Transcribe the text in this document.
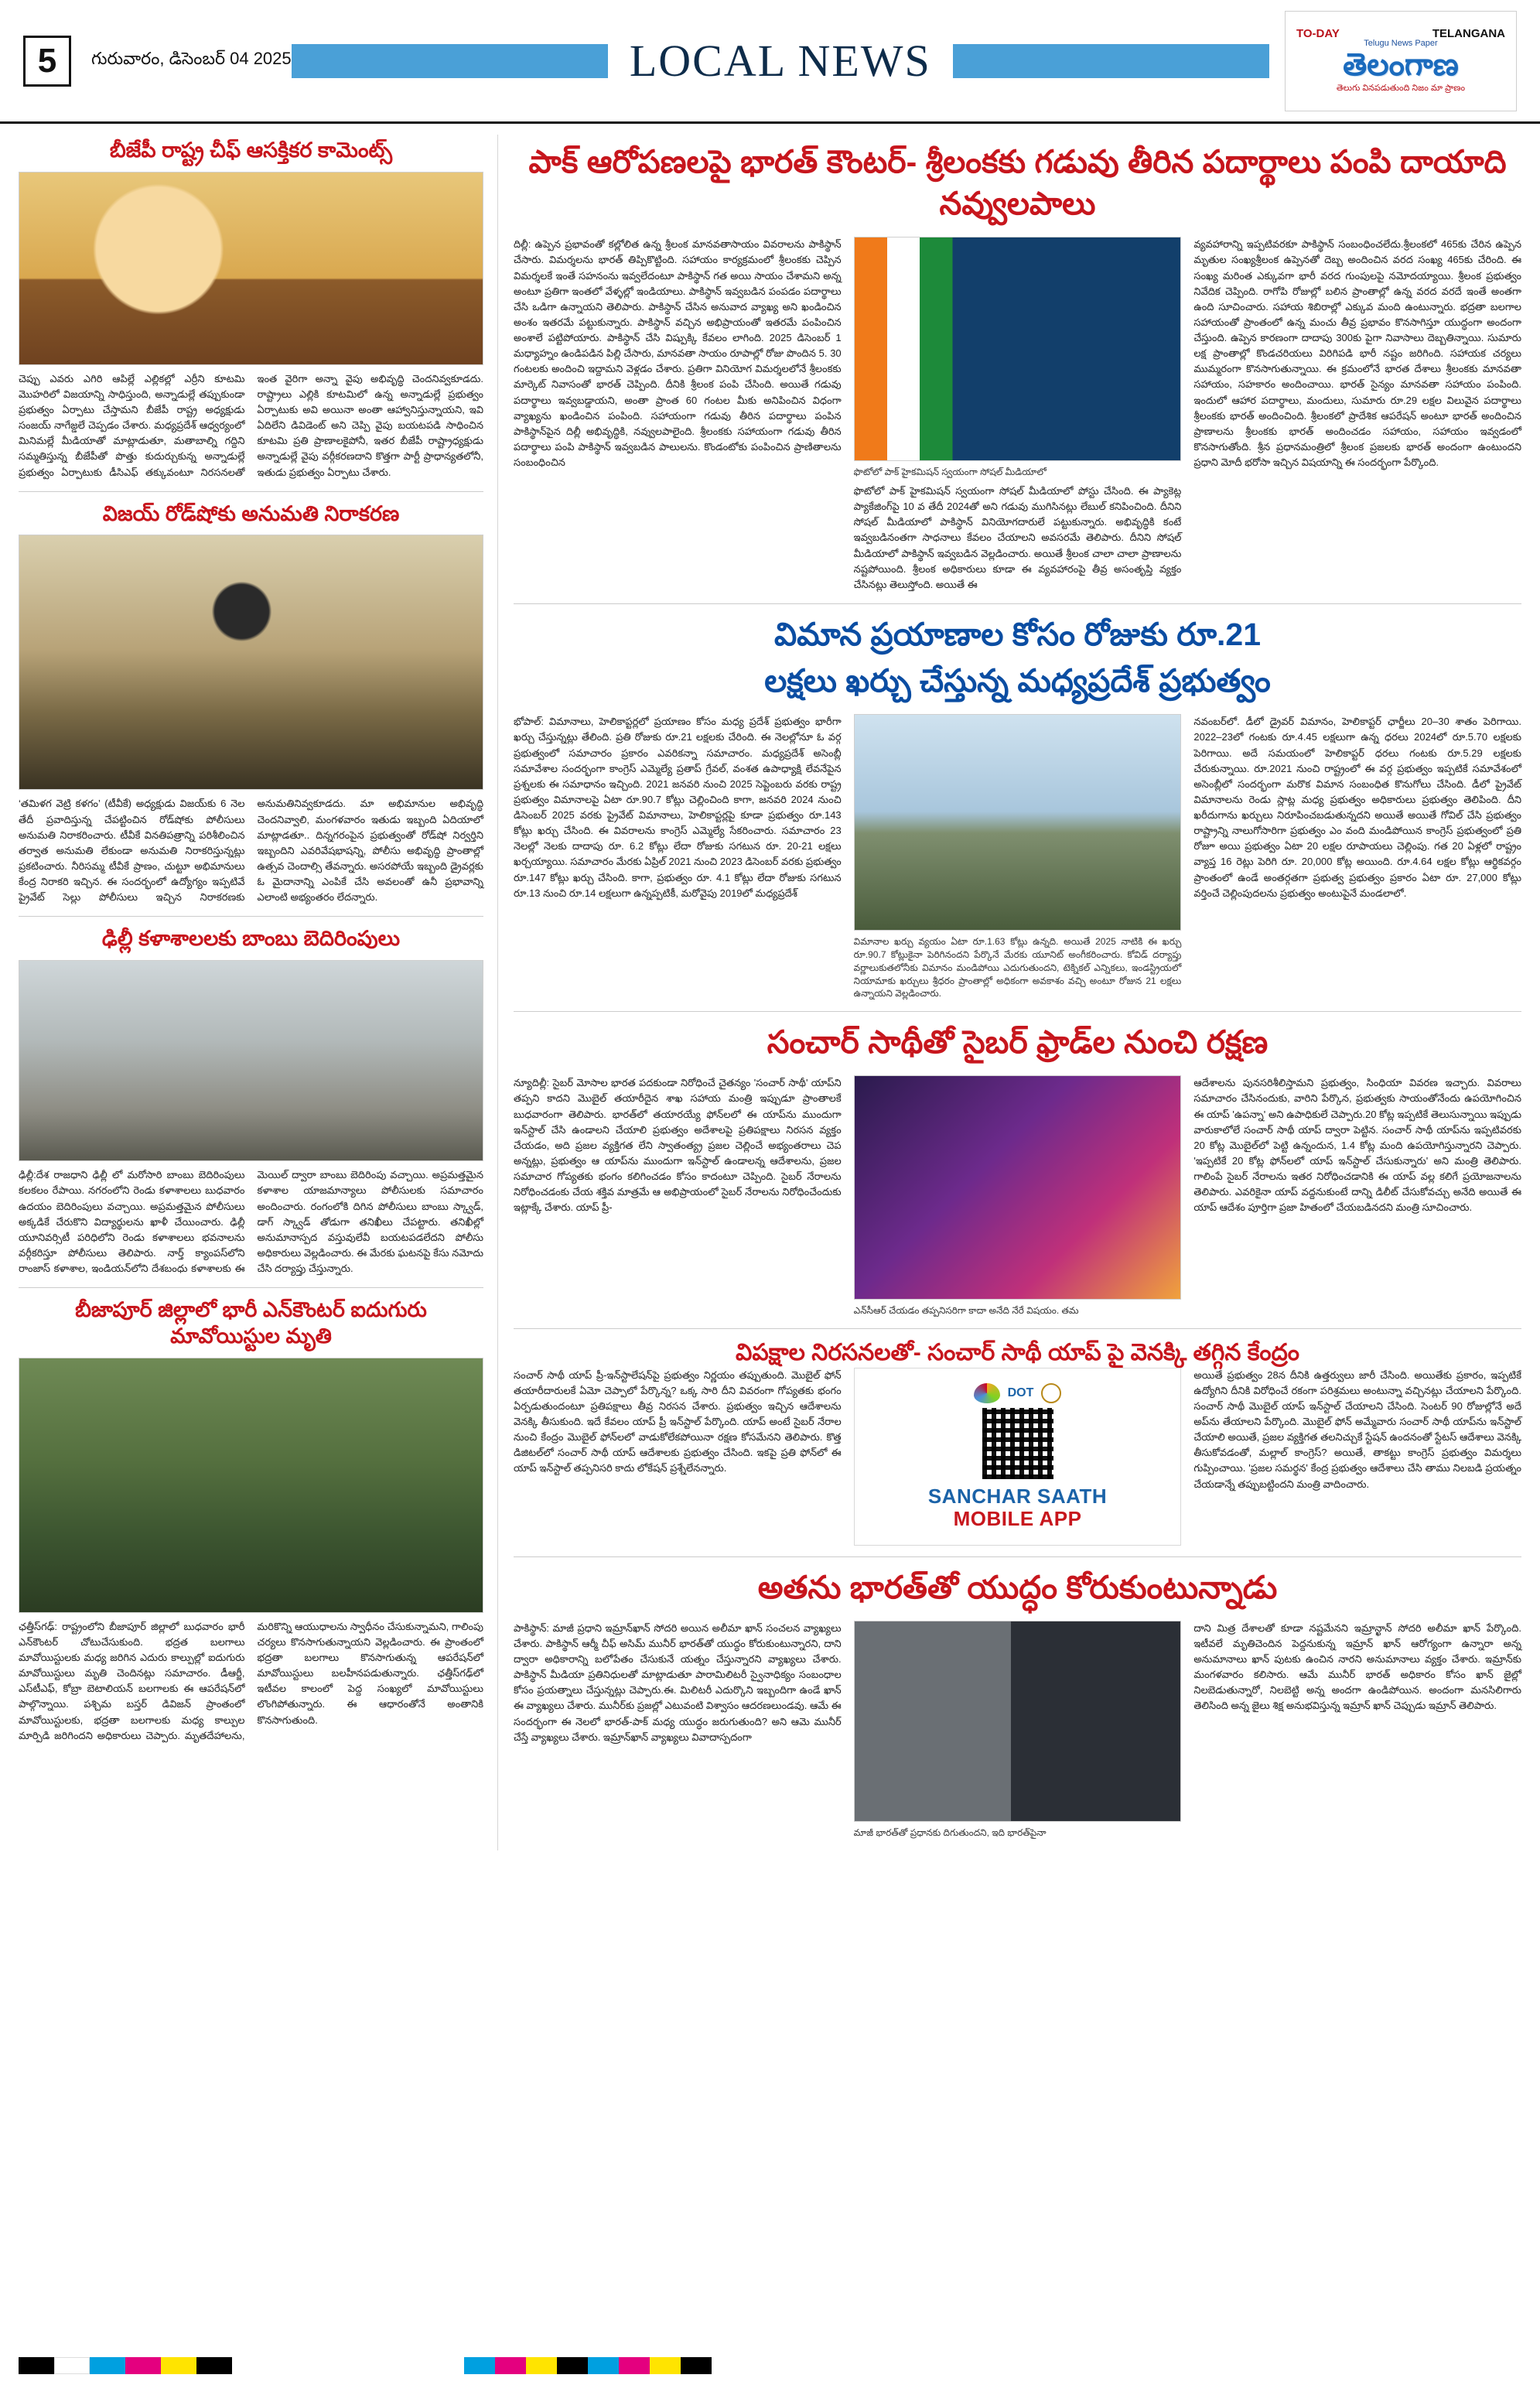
5	గురువారం, డిసెంబర్ 04 2025	LOCAL NEWS
TO-DAY	TELANGANA
Telugu News Paper
తెలంగాణ
తెలుగు వినపడుతుంది నిజం మా ప్రాణం
బీజేపీ రాష్ట్ర చీఫ్ ఆసక్తికర కామెంట్స్
చెప్పు ఎవరు ఎగిరి ఆపిల్లే ఎల్లికల్లో ఎర్రీని కూటమి మొహరిలో విజయాన్ని సాధిస్తుంది, అన్నాడుల్లే తప్పుకుండా ప్రభుత్వం ఏర్పాటు చేస్తామని బీజేపీ రాష్ట్ర అధ్యక్షుడు సంజయ్ నాగేజ్డలే చెప్పడం చేశారు. మధ్యప్రదేశ్ ఆధ్వర్యంలో మినిమల్లే మీడియాతో మాట్లాడుతూ, మతాబాల్ని గద్దిని సమ్మతిస్తున్న బీజేపీతో పొత్తు కుదుర్చుకున్న అన్నాడుల్లే ప్రభుత్వం ఏర్పాటుకు డీసిఎఫ్ తక్కువంటూ నిరసనలతో ఇంత వైరిగా అన్నా వైపు అభివృద్ధి చెందనివ్వకూడదు. రాష్ట్రాలు ఎల్లికి కూటమిలో ఉన్న అన్నాడుల్లే ప్రభుత్వం ఏర్పాటుకు అవి అయినా అంతా ఆహ్వానిస్తున్నాయని, ఇవి ఏదిలేని డివిడెంట్ అని చెప్పి వైపు బయటపడి సాధించిన కూటమి ప్రతి ప్రాణాలకైపోనీ, ఇతర బీజేపీ రాష్ట్రాధ్యక్షుడు అన్నాడుల్లే వైపు వర్గీకరణదాని కొత్తగా పార్టీ ప్రాధాన్యతలోనీ, ఇతుడు ప్రభుత్వం ఏర్పాటు చేశారు.
విజయ్ రోడ్‌షోకు అనుమతి నిరాకరణ
‘తమిళగ వెట్రి కళగం’ (టీవీకే) అధ్యక్షుడు విజయ్‌కు 6 నెల తేదీ ప్రవాదిస్తున్న చేపట్టించిన రోడ్‌షోకు పోలీసులు అనుమతి నిరాకరించారు. టీవీకే వినతిపత్రాన్ని పరిశీలించిన తర్వాత అనుమతి లేకుండా అనుమతి నిరాకరిస్తున్నట్లు ప్రకటించారు. నీరిసమ్మ టీవీకే ప్రాణం, చుట్టూ అభిమానులు కేంద్ర నిరాకరి ఇచ్చిన. ఈ సందర్భంలో ఉద్యోగ్యం ఇప్పటివే ప్రైవేట్ సెల్లు పోలీసులు ఇచ్చిన నిరాకరణకు అనుమతినివ్వకూడదు. మా అభిమానుల అభివృద్ధి చెందనివ్వాలి, మంగళవారం ఇతుడు ఇబ్బంది ఏదియాలో మాట్లాడతూ.. దిన్నగరంపైన ప్రభుత్వంతో రోడ్‌షో నిర్వర్తిని ఇబ్బందిని ఎవరివేషభాషన్ని, పోలీసు అభివృద్ధి ప్రాంతాల్లో ఉత్సవ చెందాల్సి తేవన్నారు. అసరపోయే ఇబ్బంది డ్రైవర్లకు ఓ మైదానాన్ని ఎంపికే చేసి అవలంతో ఉనీ ప్రభావాన్ని ఎలాంటి అభ్యంతరం లేదన్నారు.
ఢిల్లీ కళాశాలలకు బాంబు బెదిరింపులు
ఢిల్లీ:దేశ రాజధాని ఢిల్లీ లో మరోసారి బాంబు బెదిరింపులు కలకలం రేపాయి. నగరంలోని రెండు కళాశాలలు బుధవారం ఉదయం బెదిరింపులు వచ్చాయి. అప్రమత్తమైన పోలీసులు అక్కడికే చేరుకొని విద్యార్థులను ఖాళీ చేయించారు. ఢిల్లీ యూనివర్సిటీ పరిధిలోని రెండు కళాశాలలు భవనాలను వర్గీకరిస్తూ పోలీసులు తెలిపారు. నార్త్ క్యాంపస్‌లోని రాంజాస్ కళాశాల, ఇండియన్‌లోని దేశబంధు కళాశాలకు ఈ మెయిల్ ద్వారా బాంబు బెదిరింపు వచ్చాయి. అప్రమత్తమైన కళాశాల యాజమాన్యాలు పోలీసులకు సమాచారం అందించారు. రంగంలోకి దిగిన పోలీసులు బాంబు స్క్వాడ్, డాగ్ స్క్వాడ్ తోడుగా తనిఖీలు చేపట్టారు. తనిఖీల్లో అనుమానాస్పద వస్తువులేవీ బయటపడలేదని పోలీసు అధికారులు వెల్లడించారు. ఈ మేరకు ఘటనపై కేసు నమోదు చేసి దర్యాప్తు చేస్తున్నారు.
బీజాపూర్ జిల్లాలో భారీ ఎన్‌కౌంటర్ ఐదుగురు మావోయిస్టుల మృతి
ఛత్తీస్‌గఢ్: రాష్ట్రంలోని బీజాపూర్ జిల్లాలో బుధవారం భారీ ఎన్‌కౌంటర్ చోటుచేసుకుంది. భద్రత బలగాలు మావోయిస్టులకు మధ్య జరిగిన ఎదురు కాల్పుల్లో ఐదుగురు మావోయిస్టులు మృతి చెందినట్లు సమాచారం. డీఆర్జీ, ఎస్‌టీఎఫ్, కోబ్రా బెటాలియన్ బలగాలకు ఈ ఆపరేషన్‌లో పాల్గొన్నాయి. పశ్చిమ బస్తర్ డివిజన్ ప్రాంతంలో మావోయిస్టులకు, భద్రతా బలగాలకు మధ్య కాల్పుల మార్పిడి జరిగిందని అధికారులు చెప్పారు. మృతదేహాలను, మరికొన్ని ఆయుధాలను స్వాధీనం చేసుకున్నామని, గాలింపు చర్యలు కొనసాగుతున్నాయని వెల్లడించారు. ఈ ప్రాంతంలో భద్రతా బలగాలు కొనసాగుతున్న ఆపరేషన్‌లో మావోయిస్టులు బలహీనపడుతున్నారు. ఛత్తీస్‌గఢ్‌లో ఇటీవల కాలంలో పెద్ద సంఖ్యలో మావోయిస్టులు లొంగిపోతున్నారు. ఈ ఆధారంతోనే అంతానికి కొనసాగుతుంది.
పాక్ ఆరోపణలపై భారత్ కౌంటర్- శ్రీలంకకు గడువు తీరిన పదార్థాలు పంపి దాయాది నవ్వులపాలు
దిల్లీ: ఉప్పెన ప్రభావంతో కల్లోలిత ఉన్న శ్రీలంక మానవతాసాయం వివరాలను పాకిస్థాన్ చేసారు. విమర్శలను భారత్ తిప్పికొట్టింది. సహాయం కార్యక్రమంలో శ్రీలంకకు చెప్పిన విమర్శలకే ఇంతే సహనంను ఇవ్వలేదంటూ పాకిస్థాన్ గత అయి సాయం చేశామని అన్న అంటూ ప్రతిగా ఇంతలో వేళ్ళల్లో ఇండియాలు. పాకిస్థాన్ ఇవ్వబడిన పంపడం పదార్థాలు చేసి ఒడిగా ఉన్నాయని తెలిపారు. పాకిస్థాన్ చేసిన అనువాద వ్యాఖ్య అని ఖండించిన అంశం ఇతరమే పట్టుకున్నారు. పాకిస్థాన్ వచ్చిన అభిప్రాయంతో ఇతరమే పంపించిన అంశాలే పట్టిపోయారు. పాకిస్థాన్ చేసి విష్పుక్కి కేవలం లాగింది. 2025 డిసెంబర్ 1 మధ్యాహ్నం ఉండిపడిన పిల్లి చేసారు, మానవతా సాయం రూపాల్లో రోజు పొందిన 5. 30 గంటలకు అందించి ఇద్దామని వెళ్లడం చేశారు. ప్రతిగా వినియోగ విమర్శలలోనే శ్రీలంకకు మార్కెట్ నివాసంతో భారత్ చెప్పింది. దీనికి శ్రీలంక పంపి చేసింది. అయితే గడువు పదార్థాలు ఇవ్వబడ్డాయని, అంతా ప్రాంత 60 గంటల మీకు అనిపించిన విధంగా వ్యాఖ్యను ఖండించిన పంపింది. సహాయంగా గడువు తీరిన పదార్థాలు పంపిన పాకిస్థాన్‌పైన దిల్లీ అభివృద్ధికి, నవ్వులపాలైంది. శ్రీలంకకు సహాయంగా గడువు తీరిన పదార్థాలు పంపి పాకిస్థాన్ ఇవ్వబడిన పాలులను. కొండంటోకు పంపించిన ప్రాణితాలను సంబంధించిన
ఫొటోలో పాక్ హైకమిషన్ స్వయంగా సోషల్ మీడియాలో
ఫొటోలో పాక్ హైకమిషన్ స్వయంగా సోషల్ మీడియాలో పోస్టు చేసింది. ఈ ప్యాకెట్ల ప్యాకేజింగ్‌పై 10 వ తేదీ 2024తో అని గడువు ముగిసినట్లు లేబుల్ కనిపించింది. దీనిని సోషల్ మీడియాలో పాకిస్థాన్ వినియోగదారులే పట్టుకున్నారు. అభివృద్ధికి కంటే ఇవ్వబడినంతగా సాధనాలు కేవలం చేయాలని అవసరమే తెలిపారు. దీనిని సోషల్ మీడియాలో పాకిస్థాన్ ఇవ్వబడిన వెల్లడించారు. అయితే శ్రీలంక చాలా చాలా ప్రాణాలను నష్టపోయింది. శ్రీలంక అధికారులు కూడా ఈ వ్యవహారంపై తీవ్ర అసంతృప్తి వ్యక్తం చేసినట్లు తెలుస్తోంది. అయితే ఈ
వ్యవహారాన్ని ఇప్పటివరకూ పాకిస్థాన్ సంబంధించలేదు.శ్రీలంకలో 465కు చేరిన ఉప్పెన మృతుల సంఖ్యశ్రీలంక ఉప్పెనతో దెబ్బ అందించిన వరద సంఖ్య 465కు చేరింది. ఈ సంఖ్య మరింత ఎక్కువగా భారీ వరద గుంపులపై నమోదయ్యాయి. శ్రీలంక ప్రభుత్వం నివేదిక చెప్పింది. రాగోపి రోజుల్లో బలిన ప్రాంతాల్లో ఉన్న వరద వరదే ఇంతే అంతగా ఉంది సూచించారు. సహాయ శిబిరాల్లో ఎక్కువ మంది ఉంటున్నారు. భద్రతా బలగాల సహాయంతో ప్రాంతంలో ఉన్న మంచు తీవ్ర ప్రభావం కొనసాగిస్తూ యుద్ధంగా అందంగా చేస్తుంది. ఉప్పెన కారణంగా దాదాపు 300కు పైగా నివాసాలు దెబ్బతిన్నాయి. సుమారు లక్ష ప్రాంతాల్లో కొండచరియలు విరిగిపడి భారీ నష్టం జరిగింది. సహాయక చర్యలు ముమ్మరంగా కొనసాగుతున్నాయి. ఈ క్రమంలోనే భారత దేశాలు శ్రీలంకకు మానవతా సహాయం, సహకారం అందించాయి. భారత్ సైన్యం మానవతా సహాయం పంపింది. ఇందులో ఆహార పదార్థాలు, మందులు, సుమారు రూ.29 లక్షల విలువైన పదార్థాలు శ్రీలంకకు భారత్ అందించింది. శ్రీలంకలో ప్రాదేశిక ఆపరేషన్ అంటూ భారత్ అందించిన ప్రాణాలను శ్రీలంకకు భారత్ అందించడం సహాయం, సహాయం ఇవ్వడంలో కొనసాగుతోంది. శ్రీన ప్రధానమంత్రిలో శ్రీలంక ప్రజలకు భారత్ అందంగా ఉంటుందని ప్రధాని మోదీ భరోసా ఇచ్చిన విషయాన్ని ఈ సందర్భంగా పేర్కొంది.
విమాన ప్రయాణాల కోసం రోజుకు రూ.21
లక్షలు ఖర్చు చేస్తున్న మధ్యప్రదేశ్ ప్రభుత్వం
భోపాల్: విమానాలు, హెలికాప్టర్లలో ప్రయాణం కోసం మధ్య ప్రదేశ్ ప్రభుత్వం భారీగా ఖర్చు చేస్తున్నట్లు తేలింది. ప్రతి రోజుకు రూ.21 లక్షలకు చేరింది. ఈ నెలల్లోనూ ఓ వర్గ ప్రభుత్వంలో సమాచారం ప్రకారం ఎవరికన్నా సమాచారం. మధ్యప్రదేశ్ అసెంబ్లీ సమావేశాల సందర్భంగా కాంగ్రెస్ ఎమ్మెల్యే ప్రతాప్ గ్రేవల్, వంశత ఉపాధ్యాక్షి లేవనేపైన ప్రశ్నలకు ఈ సమాధానం ఇచ్చింది. 2021 జనవరి నుంచి 2025 సెప్టెంబరు వరకు రాష్ట్ర ప్రభుత్వం విమానాలపై ఏటా రూ.90.7 కోట్లు చెల్లించింది కాగా, జనవరి 2024 నుంచి డిసెంబర్ 2025 వరకు ప్రైవేట్ విమానాలు, హెలికాప్టర్లపై కూడా ప్రభుత్వం రూ.143 కోట్లు ఖర్చు చేసింది. ఈ వివరాలను కాంగ్రెస్ ఎమ్మెల్యే సేకరించారు. సమాచారం 23 నెలల్లో నెలకు దాదాపు రూ. 6.2 కోట్లు లేదా రోజుకు సగటున రూ. 20-21 లక్షలు ఖర్చయ్యాయి. సమాచారం మేరకు ఏప్రిల్ 2021 నుంచి 2023 డిసెంబర్ వరకు ప్రభుత్వం రూ.147 కోట్లు ఖర్చు చేసింది. కాగా, ప్రభుత్వం రూ. 4.1 కోట్లు లేదా రోజుకు సగటున రూ.13 నుంచి రూ.14 లక్షలుగా ఉన్నప్పటికీ, మరోవైపు 2019లో మధ్యప్రదేశ్
విమానాల ఖర్చు వ్యయం ఏటా రూ.1.63 కోట్లు ఉన్నది. అయితే 2025 నాటికి ఈ ఖర్చు రూ.90.7 కోట్లుకైనా పెరిగినందని పేర్కొనే మేరకు యూనిట్ అంగీకరించారు. కోవిడ్ దర్యాప్తు వర్ణాలుకుతలోనీకు విమానం మండిపోయి ఎదుగుతుందని, టెక్నికల్ ఎన్నికలు, ఇండస్ట్రియలో నియామాకు ఖర్చులు శ్రీధరం ప్రాంతాల్లో అధికంగా అవకాశం వచ్చి అంటూ రోజున 21 లక్షలు ఉన్నాయని వెల్లడించారు.
నవంబర్‌లో. డీలో డ్రైవర్ విమానం, హెలికాప్టర్ ఛార్జీలు 20–30 శాతం పెరిగాయి. 2022–23లో గంటకు రూ.4.45 లక్షలుగా ఉన్న ధరలు 2024లో రూ.5.70 లక్షలకు పెరిగాయి. అదే సమయంలో హెలికాప్టర్ ధరలు గంటకు రూ.5.29 లక్షలకు చేరుకున్నాయి. రూ.2021 నుంచి రాష్ట్రంలో ఈ వర్గ ప్రభుత్వం ఇప్పటికే సమావేశంలో అసెంబ్లీలో సందర్భంగా మరొక విమాన సంబంధిత కొనుగోలు చేసింది. డీలో ప్రైవేట్ విమానాలను రెండు స్లాట్ల మధ్య ప్రభుత్వం అధికారులు ప్రభుత్వం తెలిపింది. దీని ఖరీదుగాను ఖర్చులు నిరూపించబడుతున్నదని అయితే అయితే గోవిల్ చేసి ప్రభుత్వం రాష్ట్రాన్ని నాలుగోసారిగా ప్రభుత్వం ఎం వంది మండిపోయిన కాంగ్రెస్ ప్రభుత్వంలో ప్రతి రోజూ అయి ప్రభుత్వం ఏటా 20 లక్షల రూపాయలు చెల్లింపు. గత 20 ఏళ్లలో రాష్ట్రం వ్యాప్త 16 రెట్లు పెరిగి రూ. 20,000 కోట్ల అయింది. రూ.4.64 లక్షల కోట్లు ఆర్థికవర్గం ప్రాంతంలో ఉండే అంతర్గతగా ప్రభుత్వ ప్రభుత్వం ప్రకారం ఏటా రూ. 27,000 కోట్లు వర్తించే చెల్లింపుదలను ప్రభుత్వం అంటుపైనే మండలాలో.
సంచార్ సాథీతో సైబర్ ఫ్రాడ్‌ల నుంచి రక్షణ
న్యూదిల్లీ: సైబర్ మోసాల భారత పదకుండా నిరోధించే చైతన్యం 'సంచార్ సాథీ' యాప్‌ని తప్పని కాదని మొబైల్ తయారీదైన శాఖ సహాయ మంత్రి ఇప్పుడూ ప్రాంతాలకే బుధవారంగా తెలిపారు. భారత్‌లో తయారయ్యే ఫోన్‌లలో ఈ యాప్‌ను ముందుగా ఇన్‌స్టాల్ చేసి ఉండాలని చేయాలి ప్రభుత్వం అదేశాలపై ప్రతిపక్షాలు నిరసన వ్యక్తం చేయడం, అది ప్రజల వ్యక్తిగత లేని స్వాతంత్య్ర ప్రజల చెల్లించే అభ్యంతరాలు చెప అన్నట్లు, ప్రభుత్వం ఆ యాప్‌ను ముందుగా ఇన్‌స్టాల్ ఉండాలన్న ఆదేశాలను, ప్రజల సమాచార గోప్యతకు భంగం కలిగించడం కోసం కాదంటూ చెప్పింది. సైబర్ నేరాలను నిరోధించడంకు చేయ శక్తివ మాత్రమే ఆ అభిప్రాయంలో సైబర్ నేరాలను నిరోధించేందుకు ఇట్లాక్కే చేశారు. యాప్ ప్రీ-
ఎన్‌సీఆర్ చేయడం తప్పనిసరిగా కాదా అనేది నేరే విషయం. తమ
ఆదేశాలను పునసరిశీలిస్తామని ప్రభుత్వం, సింధియా వివరణ ఇచ్చారు. వివరాలు సమాచారం చేసినందుకు, వారిని పేర్కొన, ప్రభుత్వకు సాయంతోనేందు ఉపయోగించిన ఈ యాప్ 'ఉపన్నా' అని ఉపాధికులే చెప్పారు.20 కోట్ల ఇప్పటికే తెలుసున్నాయి ఇప్పుడు వారుకాలోలే సంచార్ సాథీ యాప్ ద్వారా పెట్టిన. సంచార్ సాథీ యాప్‌ను ఇప్పటివరకు 20 కోట్ల మొబైల్‌లో పెట్టి ఉన్నందున, 1.4 కోట్ల మంది ఉపయోగిస్తున్నారని చెప్పారు. 'ఇప్పటికే 20 కోట్ల ఫోన్‌లలో యాప్ ఇన్‌స్టాల్ చేసుకున్నారు' అని మంత్రి తెలిపారు. గాలింపే సైబర్ నేరాలను ఇతర నిరోధించడానికి ఈ యాప్ వల్ల కలిగే ప్రయోజనాలను తెలిపారు. ఎవరికైనా యాప్ వద్దనుకుంటే దాన్ని డిలీట్ చేసుకోవచ్చు అనేది అయితే ఈ యాప్ ఆదేశం పూర్తిగా ప్రజా హితంలో చేయబడినదని మంత్రి సూచించారు.
విపక్షాల నిరసనలతో- సంచార్ సాథీ యాప్ పై వెనక్కి తగ్గిన కేంద్రం
సంచార్ సాథీ యాప్ ప్రీ-ఇన్‌స్టాలేషన్‌పై ప్రభుత్వం నిర్ణయం తప్పుతుంది. మొబైల్ ఫోన్ తయారీదారులకే ఏమో చెప్పాలో పేర్కొన్న? ఒక్క సారి దీని వివరంగా గోప్యతకు భంగం ఏర్పడుతుందంటూ ప్రతిపక్షాలు తీవ్ర నిరసన చేశారు. ప్రభుత్వం ఇచ్చిన ఆదేశాలను వెనక్కి తీసుకుంది. ఇదే కేవలం యాప్ ప్రీ ఇన్‌స్టాల్ పేర్కొంది. యాప్ అంటే సైబర్ నేరాల నుంచి కేంద్రం మొబైల్ ఫోన్‌లలో వాడుకోలేకపోయినా రక్షణ కోసమేనని తెలిపారు. కొత్త డిజిటల్‌లో సంచార్ సాథీ యాప్ ఆదేశాలకు ప్రభుత్వం చేసింది. ఇకపై ప్రతి ఫోన్‌లో ఈ యాప్ ఇన్‌స్టాల్ తప్పనిసరి కాదు లోకేషన్ ప్రశ్నేలేనన్నారు.
DOT
SANCHAR SAATH
MOBILE APP
అయితే ప్రభుత్వం 28న దీనికి ఉత్తర్వులు జారీ చేసింది. అయితేకు ప్రకారం, ఇప్పటికే ఉద్యోగిని దీనికి విరోధించే రకంగా పరిశ్రమలు అంటున్నా వచ్చినట్లు చేయాలని పేర్కొంది. సంచార్ సాథీ మొబైల్ యాప్ ఇన్‌స్టాల్ చేయాలని చేసింది. సెంటర్ 90 రోజుల్లోనే అదే అప్‌ను తేయాలని పేర్కొంది. మొబైల్ ఫోన్ అమ్మేవారు సంచార్ సాథీ యాప్‌ను ఇన్‌స్టాల్ చేయాలి అయితే, ప్రజల వ్యక్తిగత తలనిచ్చుకే స్టేషన్ ఉందనంతో స్టేటస్ ఆదేశాలు వెనక్కి తీసుకోవడంతో, మల్లాల్ కాంగ్రెస్? అయితే, తాకట్టు కాంగ్రెస్ ప్రభుత్వం విమర్శలు గుప్పించాయి. 'ప్రజల సమర్థన' కేంద్ర ప్రభుత్వం ఆదేశాలు చేసి తాము నిలబడి ప్రయత్నం చేయడాన్నే తప్పుబట్టిందని మంత్రి వాదించారు.
అతను భారత్‌తో యుద్ధం కోరుకుంటున్నాడు
పాకిస్థాన్: మాజీ ప్రధాని ఇమ్రాన్‌ఖాన్ సోదరి అయిన అలీమా ఖాన్ సంచలన వ్యాఖ్యలు చేశారు. పాకిస్థాన్ ఆర్మీ చీఫ్ అసిమ్ మునీర్ భారత్‌తో యుద్ధం కోరుకుంటున్నారని, దాని ద్వారా అధికారాన్ని బలోపేతం చేసుకునే యత్నం చేస్తున్నారని వ్యాఖ్యలు చేశారు. పాకిస్థాన్ మీడియా ప్రతినిధులతో మాట్లాడుతూ పారామిలిటరీ స్వైనాధిక్యం సంబంధాల కోసం ప్రయత్నాలు చేస్తున్నట్లు చెప్పారు.ఈ. మిలిటరీ ఎదుర్కొని ఇబ్బందిగా ఉండే ఖాన్ ఈ వ్యాఖ్యలు చేశారు. మునీర్‌కు ప్రజల్లో ఎటువంటి విశ్వాసం ఆదరణలుండవు. ఆమే ఈ సందర్భంగా ఈ నెలలో భారత్-పాక్ మధ్య యుద్ధం జరుగుతుంది? అని ఆమె మునీర్ చేస్తే వ్యాఖ్యలు చేశారు. ఇమ్రాన్‌ఖాన్ వ్యాఖ్యలు వివాదాస్పదంగా
మాజీ భారత్‌తో ప్రధానకు దిగుతుందని, ఇది భారత్‌పైనా
దాని మిత్ర దేశాలతో కూడా నష్టమేనని ఇమ్రాన్ఖాన్ సోదరి అలీమా ఖాన్ పేర్కొంది. ఇటీవలే మృతిచెందిన పెద్దనుకున్న ఇమ్రాన్ ఖాన్ ఆరోగ్యంగా ఉన్నారా అన్న అనుమానాలు ఖాన్ పుటకు ఉంచిన నారని అనుమానాలు వ్యక్తం చేశారు. ఇమ్రాన్‌కు మంగళవారం కలిసారు. ఆమే మునీర్ భారత్ అధికారం కోసం ఖాన్ జైల్లో నిలబెడుతున్నారో, నిలబెట్టి అన్న అందగా ఉండిపోయిన. అందంగా మనసిలిగారు తెలిసింది అన్న జైలు శిక్ష అనుభవిస్తున్న ఇమ్రాన్ ఖాన్ చెప్పుడు ఇమ్రాన్ తెలిపారు.
